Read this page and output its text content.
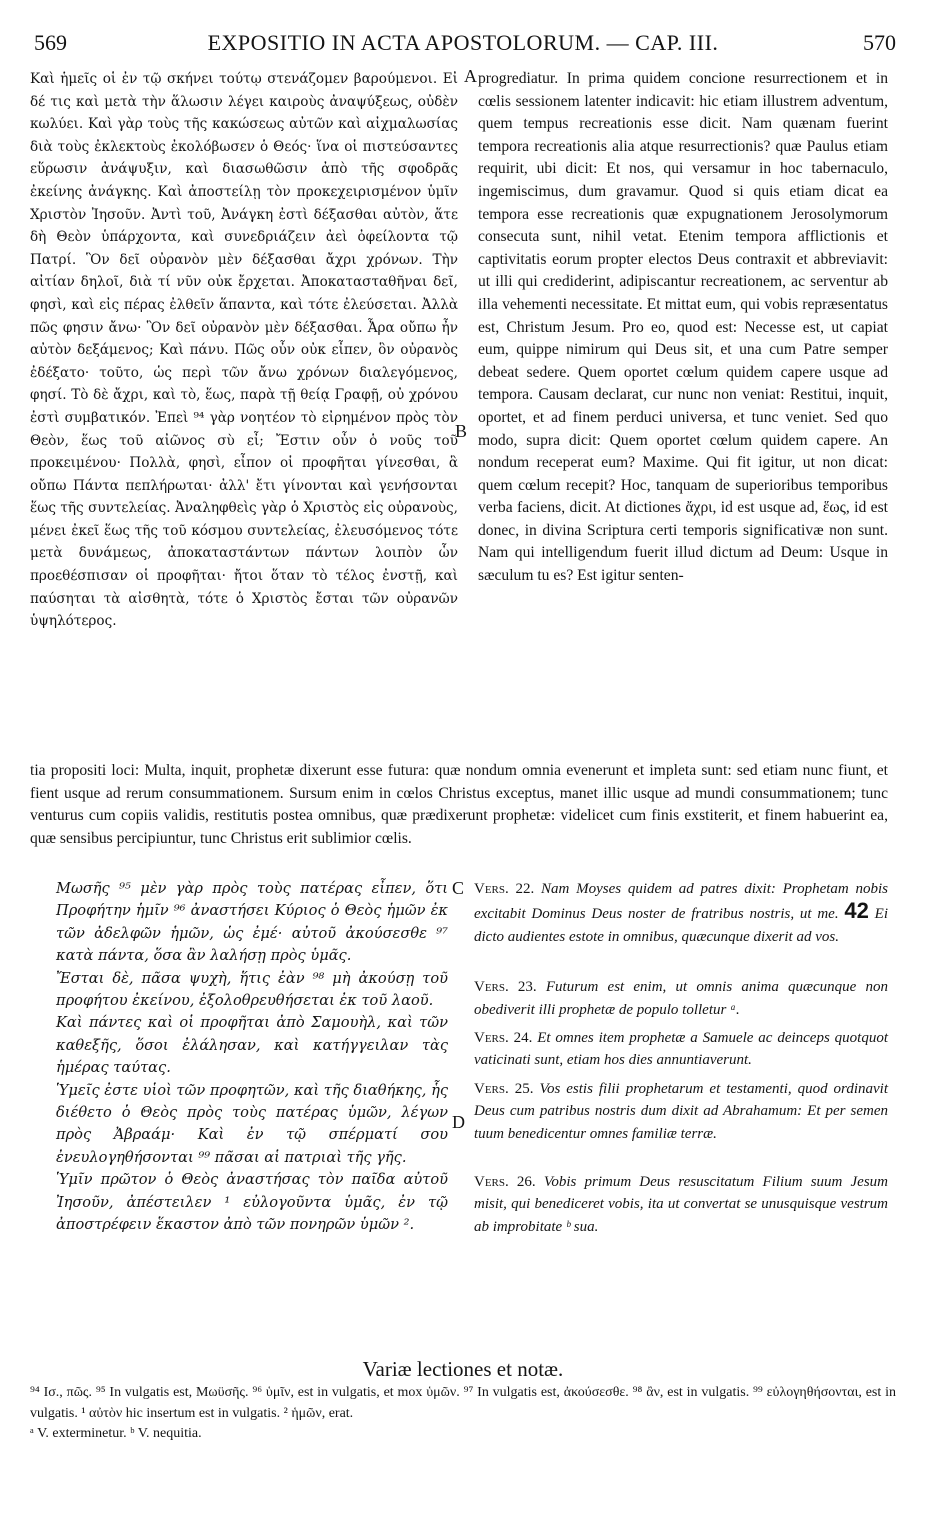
EXPOSITIO IN ACTA APOSTOLORUM. — CAP. III.
569	570

Καὶ ἡμεῖς οἱ ἐν τῷ σκήνει τούτῳ στενάζομεν βαρούμενοι. Εἰ δέ τις καὶ μετὰ τὴν ἅλωσιν λέγει καιροὺς ἀναψύξεως, οὐδὲν κωλύει. Καὶ γὰρ τοὺς τῆς κακώσεως αὐτῶν καὶ αἰχμαλωσίας διὰ τοὺς ἐκλεκτοὺς ἐκολόβωσεν ὁ Θεός· ἵνα οἱ πιστεύσαντες εὕρωσιν ἀνάψυξιν, καὶ διασωθῶσιν ἀπὸ τῆς σφοδρᾶς ἐκείνης ἀνάγκης. Καὶ ἀποστείλῃ τὸν προκεχειρισμένον ὑμῖν Χριστὸν Ἰησοῦν. Ἀντὶ τοῦ, Ἀνάγκη ἐστὶ δέξασθαι αὐτὸν, ἅτε δὴ Θεὸν ὑπάρχοντα, καὶ συνεδριάζειν ἀεὶ ὀφείλοντα τῷ Πατρί. Ὃν δεῖ οὐρανὸν μὲν δέξασθαι ἄχρι χρόνων. Τὴν αἰτίαν δηλοῖ, διὰ τί νῦν οὐκ ἔρχεται. Ἀποκατασταθῆναι δεῖ, φησὶ, καὶ εἰς πέρας ἐλθεῖν ἅπαντα, καὶ τότε ἐλεύσεται. Ἀλλὰ πῶς φησιν ἄνω· Ὃν δεῖ οὐρανὸν μὲν δέξασθαι. Ἆρα οὔπω ἦν αὐτὸν δεξάμενος; Καὶ πάνυ. Πῶς οὖν οὐκ εἶπεν, ὃν οὐρανὸς ἐδέξατο· τοῦτο, ὡς περὶ τῶν ἄνω χρόνων διαλεγόμενος, φησί. Τὸ δὲ ἄχρι, καὶ τὸ, ἕως, παρὰ τῇ θείᾳ Γραφῇ, οὐ χρόνου ἐστὶ συμβατικόν. Ἐπεὶ ⁹⁴ γὰρ νοητέον τὸ εἰρημένον πρὸς τὸν Θεὸν, ἕως τοῦ αἰῶνος σὺ εἶ; Ἔστιν οὖν ὁ νοῦς τοῦ προκειμένου· Πολλὰ, φησὶ, εἶπον οἱ προφῆται γίνεσθαι, ἃ οὔπω Πάντα πεπλήρωται· ἀλλ' ἔτι γίνονται καὶ γενήσονται ἕως τῆς συντελείας. Ἀναληφθεὶς γὰρ ὁ Χριστὸς εἰς οὐρανοὺς, μένει ἐκεῖ ἕως τῆς τοῦ κόσμου συντελείας, ἐλευσόμενος τότε μετὰ δυνάμεως, ἀποκαταστάντων πάντων λοιπὸν ὧν προεθέσπισαν οἱ προφῆται· ἤτοι ὅταν τὸ τέλος ἐνστῇ, καὶ παύσηται τὰ αἰσθητὰ, τότε ὁ Χριστὸς ἔσται τῶν οὐρανῶν ὑψηλότερος.

A
B
C
D

progrediatur. In prima quidem concione resurrectionem et in cœlis sessionem latenter indicavit: hic etiam illustrem adventum, quem tempus recreationis esse dicit. Nam quænam fuerint tempora recreationis alia atque resurrectionis? quæ Paulus etiam requirit, ubi dicit: Et nos, qui versamur in hoc tabernaculo, ingemiscimus, dum gravamur. Quod si quis etiam dicat ea tempora esse recreationis quæ expugnationem Jerosolymorum consecuta sunt, nihil vetat. Etenim tempora afflictionis et captivitatis eorum propter electos Deus contraxit et abbreviavit: ut illi qui crediderint, adipiscantur recreationem, ac serventur ab illa vehementi necessitate. Et mittat eum, qui vobis repræsentatus est, Christum Jesum. Pro eo, quod est: Necesse est, ut capiat eum, quippe nimirum qui Deus sit, et una cum Patre semper debeat sedere. Quem oportet cœlum quidem capere usque ad tempora. Causam declarat, cur nunc non veniat: Restitui, inquit, oportet, et ad finem perduci universa, et tunc veniet. Sed quo modo, supra dicit: Quem oportet cœlum quidem capere. An nondum receperat eum? Maxime. Qui fit igitur, ut non dicat: quem cœlum recepit? Hoc, tanquam de superioribus temporibus verba faciens, dicit. At dictiones ἄχρι, id est usque ad, ἕως, id est donec, in divina Scriptura certi temporis significativæ non sunt. Nam qui intelligendum fuerit illud dictum ad Deum: Usque in sæculum tu es? Est igitur senten-

tia propositi loci: Multa, inquit, prophetæ dixerunt esse futura: quæ nondum omnia evenerunt et impleta sunt: sed etiam nunc fiunt, et fient usque ad rerum consummationem. Sursum enim in cœlos Christus exceptus, manet illic usque ad mundi consummationem; tunc venturus cum copiis validis, restitutis postea omnibus, quæ prædixerunt prophetæ: videlicet cum finis exstiterit, et finem habuerint ea, quæ sensibus percipiuntur, tunc Christus erit sublimior cœlis.

Μωσῆς ⁹⁵ μὲν γὰρ πρὸς τοὺς πατέρας εἶπεν, ὅτι Προφήτην ἡμῖν ⁹⁶ ἀναστήσει Κύριος ὁ Θεὸς ἡμῶν ἐκ τῶν ἀδελφῶν ἡμῶν, ὡς ἐμέ· αὐτοῦ ἀκούσεσθε ⁹⁷ κατὰ πάντα, ὅσα ἂν λαλήσῃ πρὸς ὑμᾶς.

Ἔσται δὲ, πᾶσα ψυχὴ, ἥτις ἐὰν ⁹⁸ μὴ ἀκούσῃ τοῦ προφήτου ἐκείνου, ἐξολοθρευθήσεται ἐκ τοῦ λαοῦ.

Καὶ πάντες καὶ οἱ προφῆται ἀπὸ Σαμουὴλ, καὶ τῶν καθεξῆς, ὅσοι ἐλάλησαν, καὶ κατήγγειλαν τὰς ἡμέρας ταύτας.

Ὑμεῖς ἐστε υἱοὶ τῶν προφητῶν, καὶ τῆς διαθήκης, ἧς διέθετο ὁ Θεὸς πρὸς τοὺς πατέρας ὑμῶν, λέγων πρὸς Ἀβραάμ· Καὶ ἐν τῷ σπέρματί σου ἐνευλογηθήσονται ⁹⁹ πᾶσαι αἱ πατριαὶ τῆς γῆς.

Ὑμῖν πρῶτον ὁ Θεὸς ἀναστήσας τὸν παῖδα αὐτοῦ Ἰησοῦν, ἀπέστειλεν ¹ εὐλογοῦντα ὑμᾶς, ἐν τῷ ἀποστρέφειν ἕκαστον ἀπὸ τῶν πονηρῶν ὑμῶν ².

Vers. 22. Nam Moyses quidem ad patres dixit: Prophetam nobis excitabit Dominus Deus noster de fratribus nostris, ut me. 42 Ei dicto audientes estote in omnibus, quæcunque dixerit ad vos.

Vers. 23. Futurum est enim, ut omnis anima quæcunque non obediverit illi prophetæ de populo tolletur ᵃ.

Vers. 24. Et omnes item prophetæ a Samuele ac deinceps quotquot vaticinati sunt, etiam hos dies annuntiaverunt.

Vers. 25. Vos estis filii prophetarum et testamenti, quod ordinavit Deus cum patribus nostris dum dixit ad Abrahamum: Et per semen tuum benedicentur omnes familiæ terræ.

Vers. 26. Vobis primum Deus resuscitatum Filium suum Jesum misit, qui benediceret vobis, ita ut convertat se unusquisque vestrum ab improbitate ᵇ sua.

Variæ lectiones et notæ.

⁹⁴ Ισ., πῶς. ⁹⁵ In vulgatis est, Μωϋσῆς. ⁹⁶ ὑμῖν, est in vulgatis, et mox ὑμῶν. ⁹⁷ In vulgatis est, ἀκούσεσθε. ⁹⁸ ἂν, est in vulgatis. ⁹⁹ εὐλογηθήσονται, est in vulgatis. ¹ αὐτὸν hic insertum est in vulgatis. ² ἡμῶν, erat.

ᵃ V. exterminetur. ᵇ V. nequitia.
